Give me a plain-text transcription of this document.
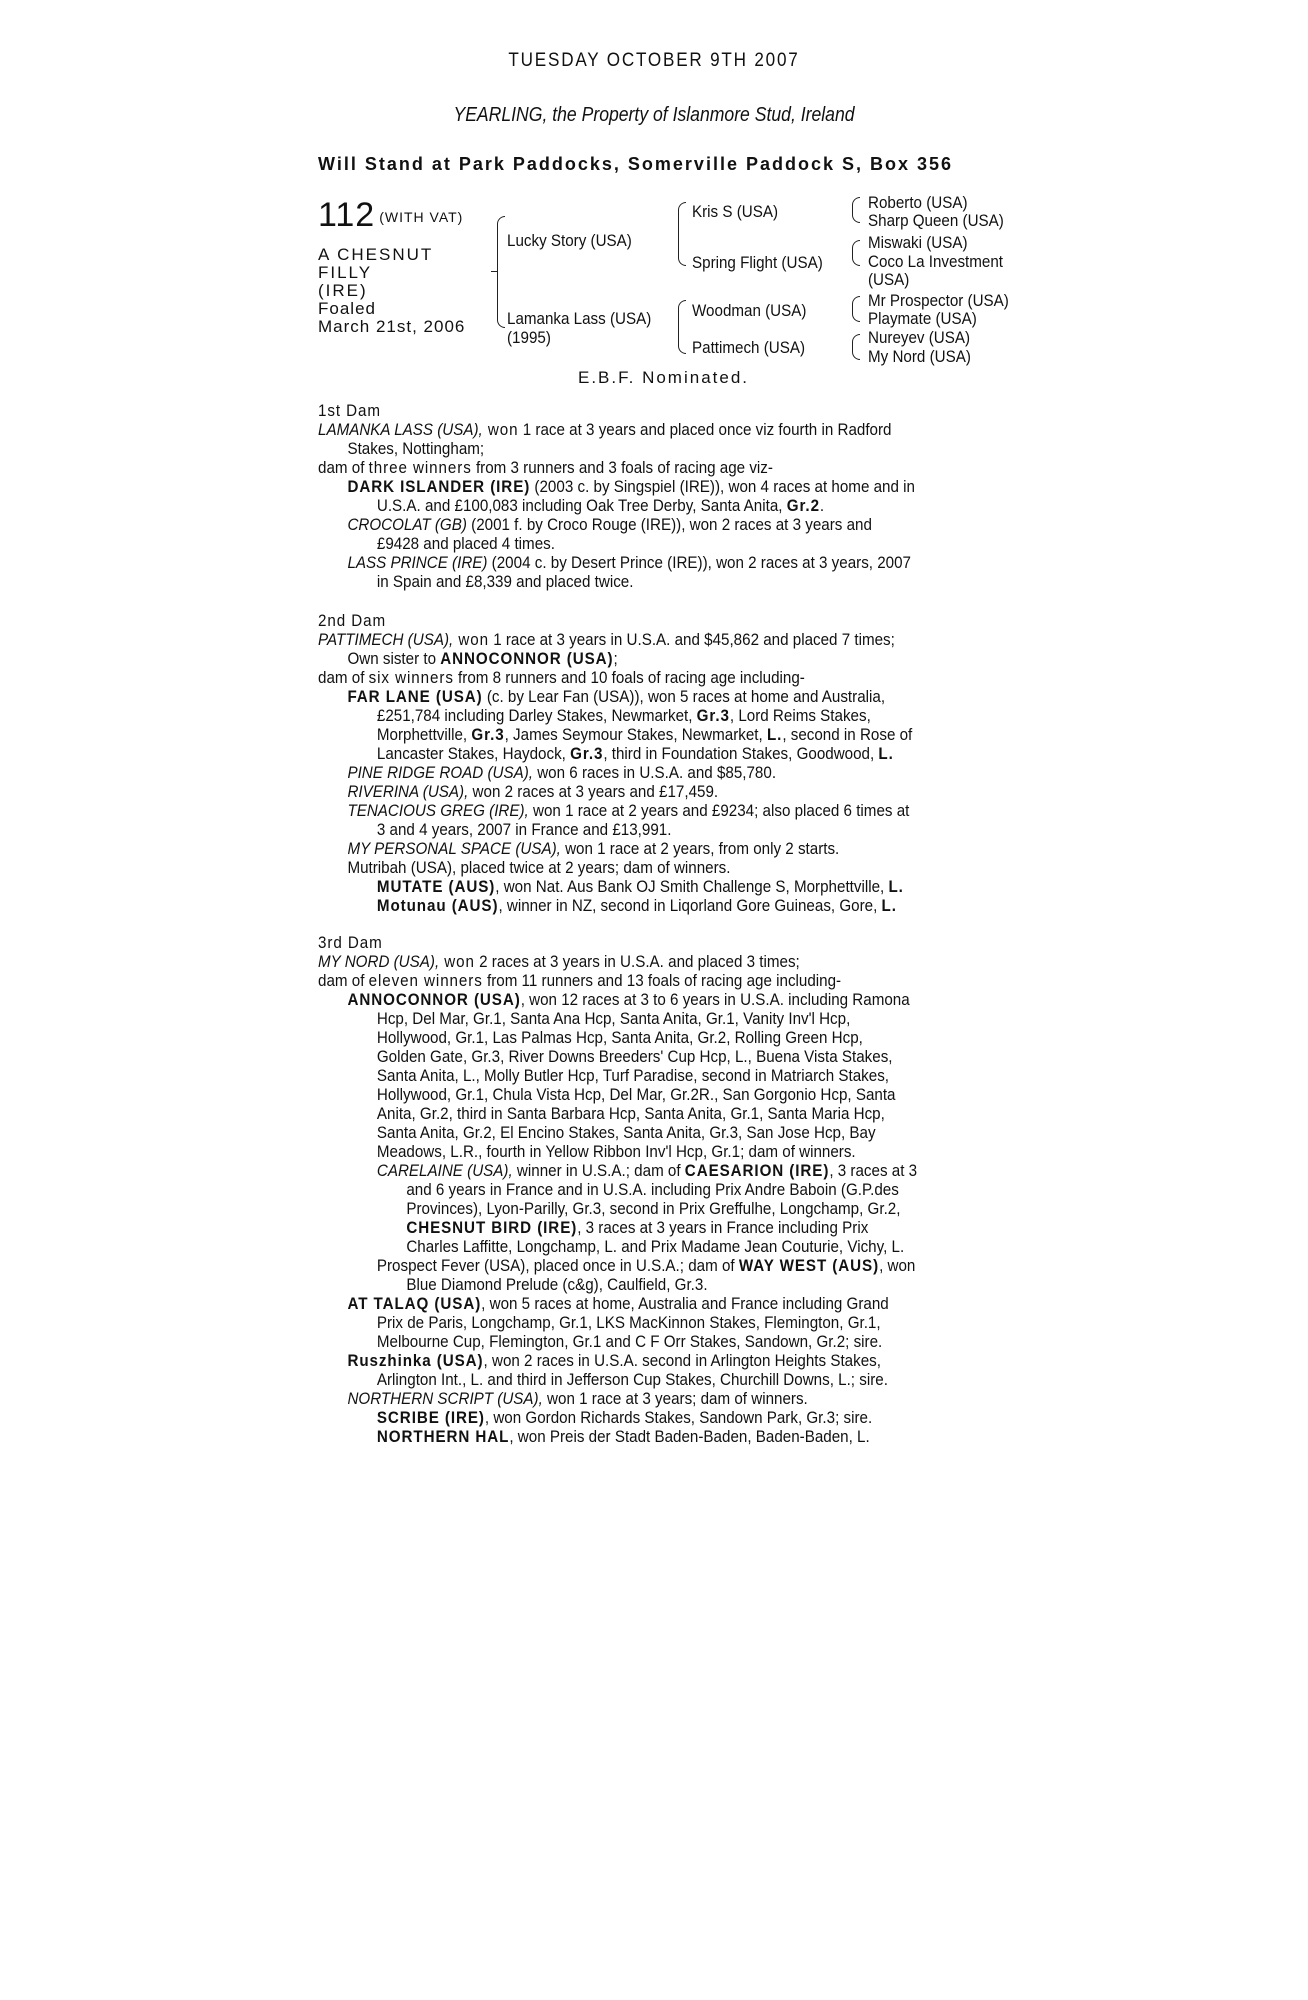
TUESDAY OCTOBER 9TH 2007
YEARLING, the Property of Islanmore Stud, Ireland
Will Stand at Park Paddocks, Somerville Paddock S, Box 356
112 (WITH VAT)
A CHESNUT FILLY
(IRE)
Foaled
March 21st, 2006
Lucky Story (USA)
Lamanka Lass (USA)
(1995)
Kris S (USA)
Spring Flight (USA)
Woodman (USA)
Pattimech (USA)
Roberto (USA)
Sharp Queen (USA)
Miswaki (USA)
Coco La Investment
(USA)
Mr Prospector (USA)
Playmate (USA)
Nureyev (USA)
My Nord (USA)
E.B.F. Nominated.

1st Dam

LAMANKA LASS (USA), won 1 race at 3 years and placed once viz fourth in Radford

Stakes, Nottingham;

dam of three winners from 3 runners and 3 foals of racing age viz-

DARK ISLANDER (IRE) (2003 c. by Singspiel (IRE)), won 4 races at home and in

U.S.A. and £100,083 including Oak Tree Derby, Santa Anita, Gr.2.

CROCOLAT (GB) (2001 f. by Croco Rouge (IRE)), won 2 races at 3 years and

£9428 and placed 4 times.

LASS PRINCE (IRE) (2004 c. by Desert Prince (IRE)), won 2 races at 3 years, 2007

in Spain and £8,339 and placed twice.

2nd Dam

PATTIMECH (USA), won 1 race at 3 years in U.S.A. and $45,862 and placed 7 times;

Own sister to ANNOCONNOR (USA);

dam of six winners from 8 runners and 10 foals of racing age including-

FAR LANE (USA) (c. by Lear Fan (USA)), won 5 races at home and Australia,

£251,784 including Darley Stakes, Newmarket, Gr.3, Lord Reims Stakes,

Morphettville, Gr.3, James Seymour Stakes, Newmarket, L., second in Rose of

Lancaster Stakes, Haydock, Gr.3, third in Foundation Stakes, Goodwood, L.

PINE RIDGE ROAD (USA), won 6 races in U.S.A. and $85,780.

RIVERINA (USA), won 2 races at 3 years and £17,459.

TENACIOUS GREG (IRE), won 1 race at 2 years and £9234; also placed 6 times at

3 and 4 years, 2007 in France and £13,991.

MY PERSONAL SPACE (USA), won 1 race at 2 years, from only 2 starts.

Mutribah (USA), placed twice at 2 years; dam of winners.

MUTATE (AUS), won Nat. Aus Bank OJ Smith Challenge S, Morphettville, L.

Motunau (AUS), winner in NZ, second in Liqorland Gore Guineas, Gore, L.

3rd Dam

MY NORD (USA), won 2 races at 3 years in U.S.A. and placed 3 times;

dam of eleven winners from 11 runners and 13 foals of racing age including-

ANNOCONNOR (USA), won 12 races at 3 to 6 years in U.S.A. including Ramona

Hcp, Del Mar, Gr.1, Santa Ana Hcp, Santa Anita, Gr.1, Vanity Inv'l Hcp,

Hollywood, Gr.1, Las Palmas Hcp, Santa Anita, Gr.2, Rolling Green Hcp,

Golden Gate, Gr.3, River Downs Breeders' Cup Hcp, L., Buena Vista Stakes,

Santa Anita, L., Molly Butler Hcp, Turf Paradise, second in Matriarch Stakes,

Hollywood, Gr.1, Chula Vista Hcp, Del Mar, Gr.2R., San Gorgonio Hcp, Santa

Anita, Gr.2, third in Santa Barbara Hcp, Santa Anita, Gr.1, Santa Maria Hcp,

Santa Anita, Gr.2, El Encino Stakes, Santa Anita, Gr.3, San Jose Hcp, Bay

Meadows, L.R., fourth in Yellow Ribbon Inv'l Hcp, Gr.1; dam of winners.

CARELAINE (USA), winner in U.S.A.; dam of CAESARION (IRE), 3 races at 3

and 6 years in France and in U.S.A. including Prix Andre Baboin (G.P.des

Provinces), Lyon-Parilly, Gr.3, second in Prix Greffulhe, Longchamp, Gr.2,

CHESNUT BIRD (IRE), 3 races at 3 years in France including Prix

Charles Laffitte, Longchamp, L. and Prix Madame Jean Couturie, Vichy, L.

Prospect Fever (USA), placed once in U.S.A.; dam of WAY WEST (AUS), won

Blue Diamond Prelude (c&g), Caulfield, Gr.3.

AT TALAQ (USA), won 5 races at home, Australia and France including Grand

Prix de Paris, Longchamp, Gr.1, LKS MacKinnon Stakes, Flemington, Gr.1,

Melbourne Cup, Flemington, Gr.1 and C F Orr Stakes, Sandown, Gr.2; sire.

Ruszhinka (USA), won 2 races in U.S.A. second in Arlington Heights Stakes,

Arlington Int., L. and third in Jefferson Cup Stakes, Churchill Downs, L.; sire.

NORTHERN SCRIPT (USA), won 1 race at 3 years; dam of winners.

SCRIBE (IRE), won Gordon Richards Stakes, Sandown Park, Gr.3; sire.

NORTHERN HAL, won Preis der Stadt Baden-Baden, Baden-Baden, L.
